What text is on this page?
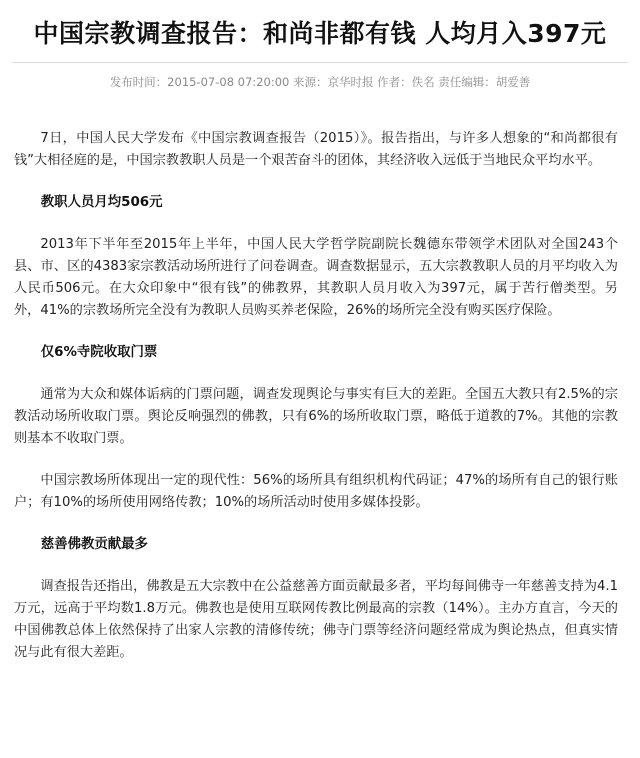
中国宗教调查报告：和尚非都有钱 人均月入397元
发布时间：2015-07-08 07:20:00 来源：京华时报 作者：佚名 责任编辑：胡爱善

7日，中国人民大学发布《中国宗教调查报告（2015）》。报告指出，与许多人想象的“和尚都很有钱”大相径庭的是，中国宗教教职人员是一个艰苦奋斗的团体，其经济收入远低于当地民众平均水平。

教职人员月均506元

2013年下半年至2015年上半年，中国人民大学哲学院副院长魏德东带领学术团队对全国243个县、市、区的4383家宗教活动场所进行了问卷调查。调查数据显示，五大宗教教职人员的月平均收入为人民币506元。在大众印象中“很有钱”的佛教界，其教职人员月收入为397元，属于苦行僧类型。另外，41%的宗教场所完全没有为教职人员购买养老保险，26%的场所完全没有购买医疗保险。

仅6%寺院收取门票

通常为大众和媒体诟病的门票问题，调查发现舆论与事实有巨大的差距。全国五大教只有2.5%的宗教活动场所收取门票。舆论反响强烈的佛教，只有6%的场所收取门票，略低于道教的7%。其他的宗教则基本不收取门票。

中国宗教场所体现出一定的现代性：56%的场所具有组织机构代码证；47%的场所有自己的银行账户；有10%的场所使用网络传教；10%的场所活动时使用多媒体投影。

慈善佛教贡献最多

调查报告还指出，佛教是五大宗教中在公益慈善方面贡献最多者，平均每间佛寺一年慈善支持为4.1万元，远高于平均数1.8万元。佛教也是使用互联网传教比例最高的宗教（14%）。主办方直言，今天的中国佛教总体上依然保持了出家人宗教的清修传统；佛寺门票等经济问题经常成为舆论热点，但真实情况与此有很大差距。
